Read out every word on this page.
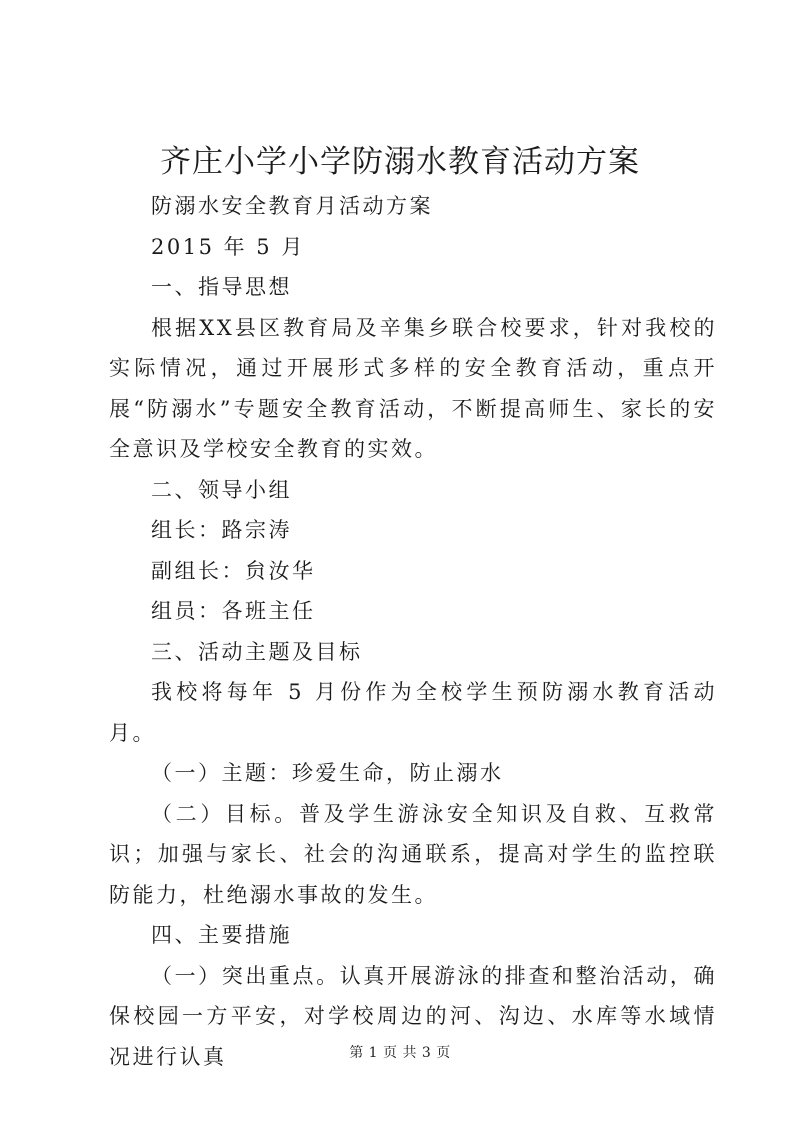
齐庄小学小学防溺水教育活动方案

防溺水安全教育月活动方案

2015 年 5 月

一、指导思想

根据XX县区教育局及辛集乡联合校要求，针对我校的实际情况，通过开展形式多样的安全教育活动，重点开展“防溺水”专题安全教育活动，不断提高师生、家长的安全意识及学校安全教育的实效。

二、领导小组

组长：路宗涛

副组长：贠汝华

组员：各班主任

三、活动主题及目标

我校将每年 5 月份作为全校学生预防溺水教育活动月。

（一）主题：珍爱生命，防止溺水

（二）目标。普及学生游泳安全知识及自救、互救常识；加强与家长、社会的沟通联系，提高对学生的监控联防能力，杜绝溺水事故的发生。

四、主要措施

（一）突出重点。认真开展游泳的排查和整治活动，确保校园一方平安，对学校周边的河、沟边、水库等水域情况进行认真	第 1 页 共 3 页
